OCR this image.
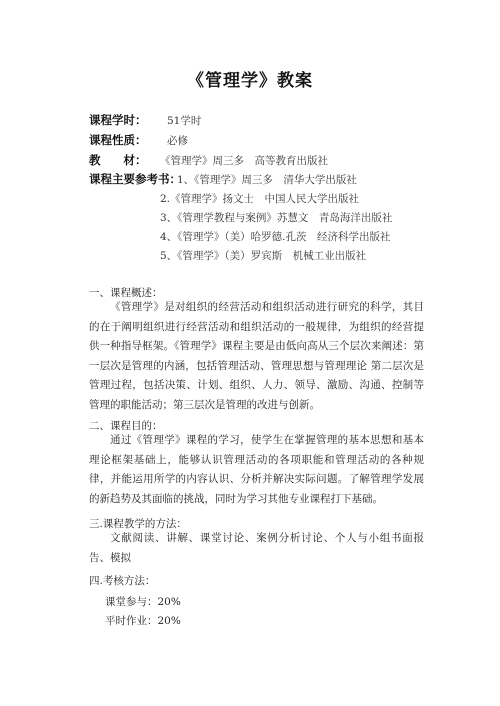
《管理学》教案
课程学时： 51学时
课程性质： 必修
教　　材： 《管理学》周三多　高等教育出版社
课程主要参考书：
1、《管理学》周三多　清华大学出版社
2.《管理学》扬文士　中国人民大学出版社
3、《管理学教程与案例》苏慧文　青岛海洋出版社
4、《管理学》（美）哈罗德.孔茨　经济科学出版社
5、《管理学》（美）罗宾斯　机械工业出版社
一、课程概述：

《管理学》是对组织的经营活动和组织活动进行研究的科学，其目的在于阐明组织进行经营活动和组织活动的一般规律，为组织的经营提供一种指导框架。《管理学》课程主要是由低向高从三个层次来阐述：第一层次是管理的内涵，包括管理活动、管理思想与管理理论 第二层次是管理过程，包括决策、计划、组织、人力、领导、激励、沟通、控制等管理的职能活动；第三层次是管理的改进与创新。

二、课程目的：

通过《管理学》课程的学习，使学生在掌握管理的基本思想和基本理论框架基础上，能够认识管理活动的各项职能和管理活动的各种规律，并能运用所学的内容认识、分析并解决实际问题。了解管理学发展的新趋势及其面临的挑战，同时为学习其他专业课程打下基础。

三.课程教学的方法：

文献阅读、讲解、课堂讨论、案例分析讨论、个人与小组书面报告、模拟

四.考核方法：
课堂参与：20%
平时作业：20%
